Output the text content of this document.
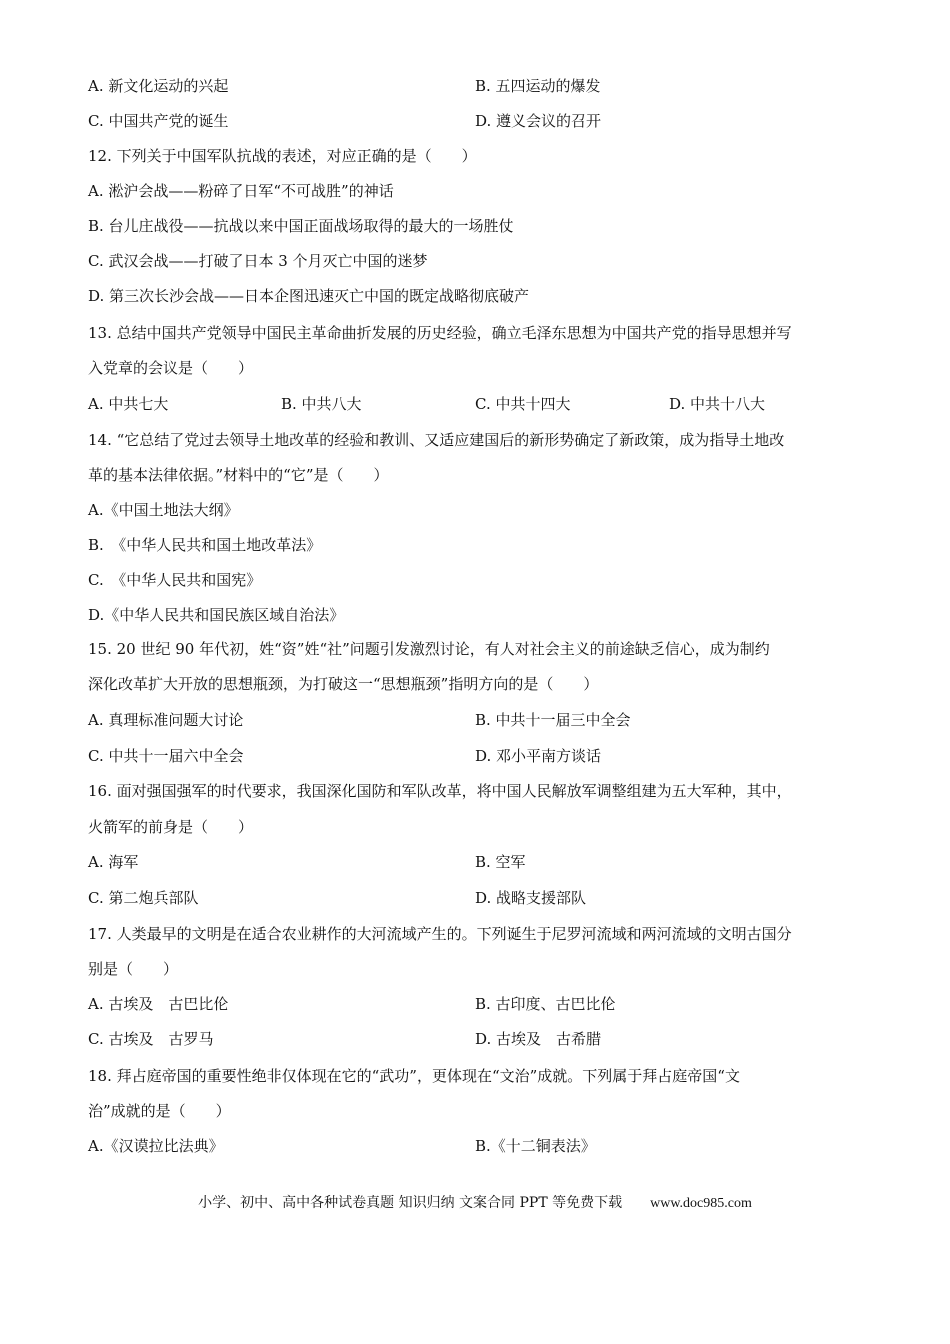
A. 新文化运动的兴起	B. 五四运动的爆发
C. 中国共产党的诞生	D. 遵义会议的召开
12. 下列关于中国军队抗战的表述，对应正确的是（　　）
A. 淞沪会战——粉碎了日军“不可战胜”的神话
B. 台儿庄战役——抗战以来中国正面战场取得的最大的一场胜仗
C. 武汉会战——打破了日本 3 个月灭亡中国的迷梦
D. 第三次长沙会战——日本企图迅速灭亡中国的既定战略彻底破产
13. 总结中国共产党领导中国民主革命曲折发展的历史经验，确立毛泽东思想为中国共产党的指导思想并写
入党章的会议是（　　）
A. 中共七大	B. 中共八大	C. 中共十四大	D. 中共十八大
14. “它总结了党过去领导土地改革的经验和教训、又适应建国后的新形势确定了新政策，成为指导土地改
革的基本法律依据。”材料中的“它”是（　　）
A.《中国土地法大纲》
B.　《中华人民共和国土地改革法》
C.　《中华人民共和国宪》
D.《中华人民共和国民族区域自治法》
15. 20 世纪 90 年代初，姓“资”姓“社”问题引发激烈讨论，有人对社会主义的前途缺乏信心，成为制约
深化改革扩大开放的思想瓶颈，为打破这一“思想瓶颈”指明方向的是（　　）
A. 真理标准问题大讨论	B. 中共十一届三中全会
C. 中共十一届六中全会	D. 邓小平南方谈话
16. 面对强国强军的时代要求，我国深化国防和军队改革，将中国人民解放军调整组建为五大军种，其中，
火箭军的前身是（　　）
A. 海军	B. 空军
C. 第二炮兵部队	D. 战略支援部队
17. 人类最早的文明是在适合农业耕作的大河流域产生的。下列诞生于尼罗河流域和两河流域的文明古国分
别是（　　）
A. 古埃及　古巴比伦	B. 古印度、古巴比伦
C. 古埃及　古罗马	D. 古埃及　古希腊
18. 拜占庭帝国的重要性绝非仅体现在它的“武功”，更体现在“文治”成就。下列属于拜占庭帝国“文
治”成就的是（　　）
A.《汉谟拉比法典》	B.《十二铜表法》
小学、初中、高中各种试卷真题 知识归纳 文案合同 PPT 等免费下载 www.doc985.com
